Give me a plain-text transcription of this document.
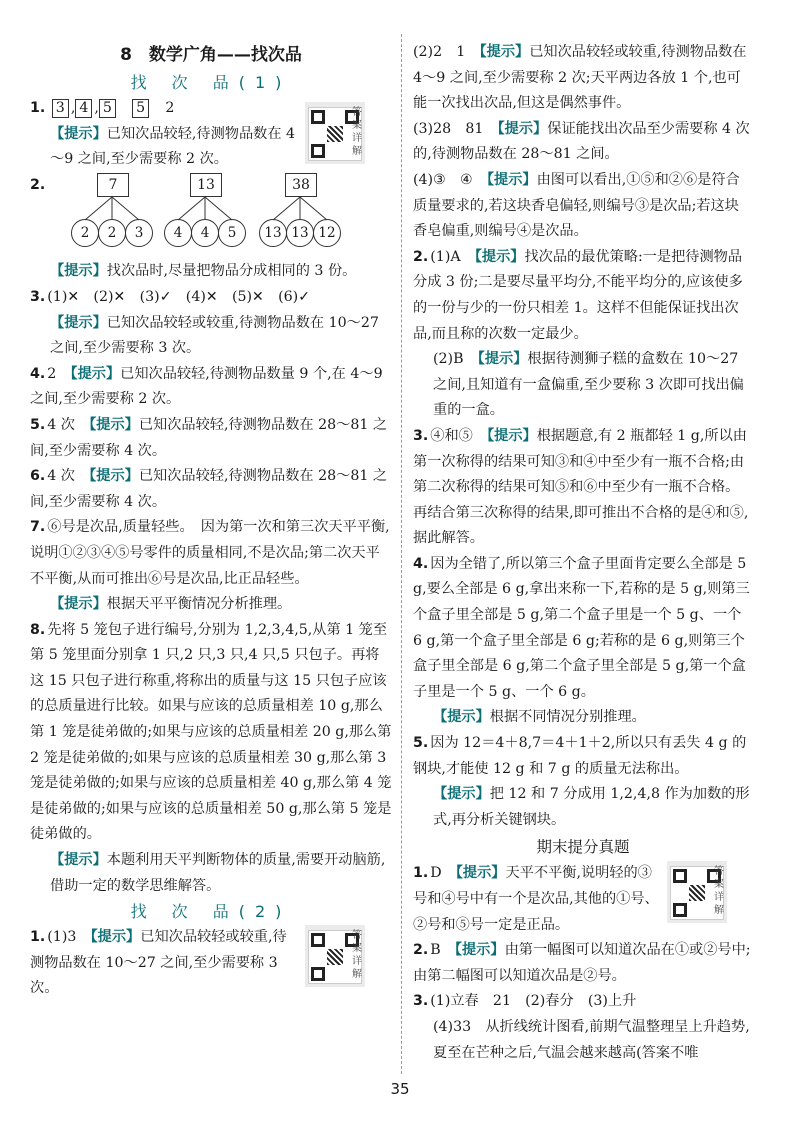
8　 数学广角——找次品

找 次 品(1)

答案详解

1. 3 , 4 , 5　 5　 2

【提示】已知次品较轻,待测物品数在 4～9 之间,至少需要称 2 次。

2.	7	13	38
2	2	3	4	4	5	13 13 12

【提示】找次品时,尽量把物品分成相同的 3 份。

3. (1)✕　(2)✕　(3)✓　(4)✕　(5)✕　(6)✓

【提示】已知次品较轻或较重,待测物品数在 10～27 之间,至少需要称 3 次。

4. 2　 【提示】已知次品较轻,待测物品数量 9 个,在 4～9 之间,至少需要称 2 次。

5. 4 次　 【提示】已知次品较轻,待测物品数在 28～81 之间,至少需要称 4 次。

6. 4 次　 【提示】已知次品较轻,待测物品数在 28～81 之间,至少需要称 4 次。

7. ⑥号是次品,质量轻些。　因为第一次和第三次天平平衡,说明①②③④⑤号零件的质量相同,不是次品;第二次天平不平衡,从而可推出⑥号是次品,比正品轻些。

【提示】根据天平平衡情况分析推理。

8. 先将 5 笼包子进行编号,分别为 1,2,3,4,5,从第 1 笼至第 5 笼里面分别拿 1 只,2 只,3 只,4 只,5 只包子。再将这 15 只包子进行称重,将称出的质量与这 15 只包子应该的总质量进行比较。如果与应该的总质量相差 10 g,那么第 1 笼是徒弟做的;如果与应该的总质量相差 20 g,那么第 2 笼是徒弟做的;如果与应该的总质量相差 30 g,那么第 3 笼是徒弟做的;如果与应该的总质量相差 40 g,那么第 4 笼是徒弟做的;如果与应该的总质量相差 50 g,那么第 5 笼是徒弟做的。

【提示】本题利用天平判断物体的质量,需要开动脑筋,借助一定的数学思维解答。

找 次 品(2)

答案详解

1. (1)3　 【提示】已知次品较轻或较重,待测物品数在 10～27 之间,至少需要称 3 次。

(2)2　1　 【提示】已知次品较轻或较重,待测物品数在 4～9 之间,至少需要称 2 次;天平两边各放 1 个,也可能一次找出次品,但这是偶然事件。

(3)28　81　 【提示】保证能找出次品至少需要称 4 次的,待测物品数在 28～81 之间。

(4)③　④　 【提示】由图可以看出,①⑤和②⑥是符合质量要求的,若这块香皂偏轻,则编号③是次品;若这块香皂偏重,则编号④是次品。

2. (1)A　 【提示】找次品的最优策略:一是把待测物品分成 3 份;二是要尽量平均分,不能平均分的,应该使多的一份与少的一份只相差 1。这样不但能保证找出次品,而且称的次数一定最少。

(2)B　 【提示】根据待测狮子糕的盒数在 10～27 之间,且知道有一盒偏重,至少要称 3 次即可找出偏重的一盒。

3. ④和⑤　 【提示】根据题意,有 2 瓶都轻 1 g,所以由第一次称得的结果可知③和④中至少有一瓶不合格;由第二次称得的结果可知⑤和⑥中至少有一瓶不合格。再结合第三次称得的结果,即可推出不合格的是④和⑤,据此解答。

4. 因为全错了,所以第三个盒子里面肯定要么全部是 5 g,要么全部是 6 g,拿出来称一下,若称的是 5 g,则第三个盒子里全部是 5 g,第二个盒子里是一个 5 g、一个 6 g,第一个盒子里全部是 6 g;若称的是 6 g,则第三个盒子里全部是 6 g,第二个盒子里全部是 5 g,第一个盒子里是一个 5 g、一个 6 g。

【提示】根据不同情况分别推理。

5. 因为 12＝4＋8,7＝4＋1＋2,所以只有丢失 4 g 的钢块,才能使 12 g 和 7 g 的质量无法称出。

【提示】把 12 和 7 分成用 1,2,4,8 作为加数的形式,再分析关键钢块。

期末提分真题

答案详解

1. D　 【提示】天平不平衡,说明轻的③号和④号中有一个是次品,其他的①号、②号和⑤号一定是正品。

2. B　 【提示】由第一幅图可以知道次品在①或②号中;由第二幅图可以知道次品是②号。

3. (1)立春　21　(2)春分　(3)上升

(4)33　从折线统计图看,前期气温整理呈上升趋势,夏至在芒种之后,气温会越来越高(答案不唯

35
